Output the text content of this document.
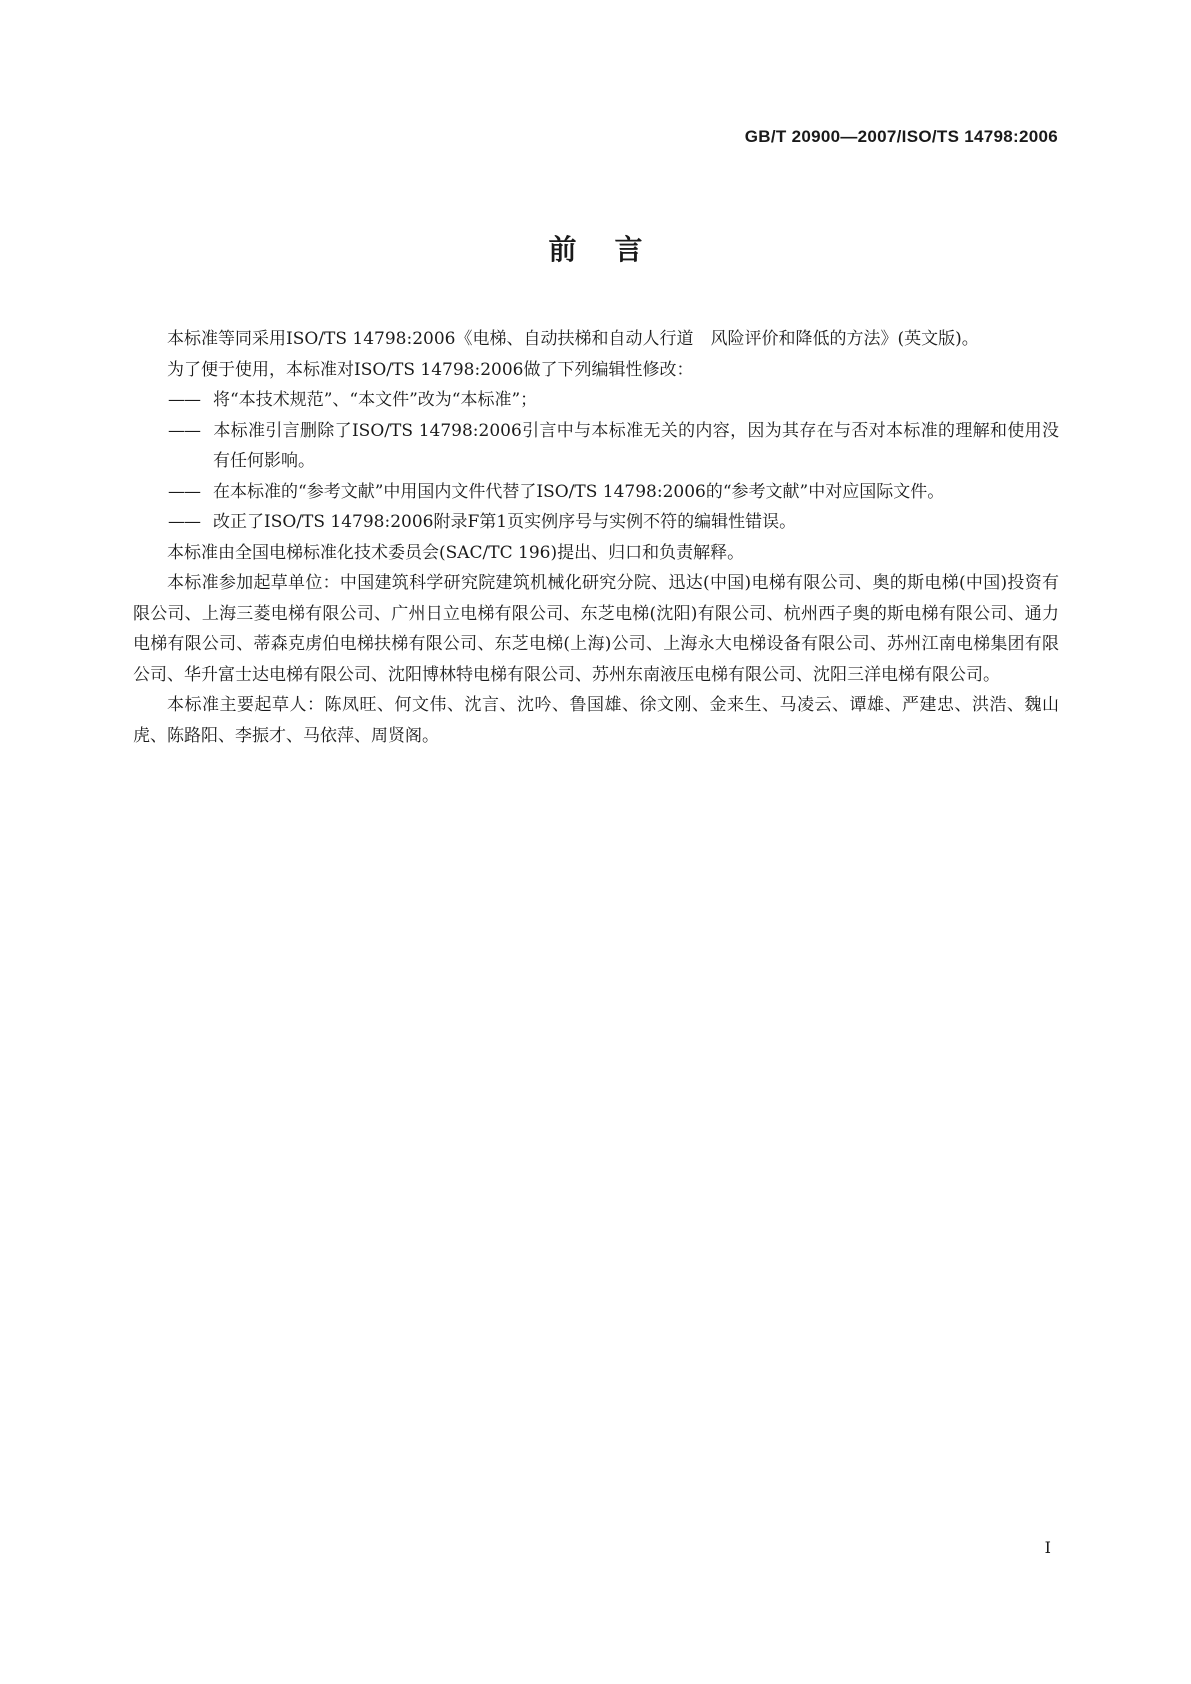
GB/T 20900—2007/ISO/TS 14798:2006
前言

本标准等同采用ISO/TS 14798:2006《电梯、自动扶梯和自动人行道　风险评价和降低的方法》(英文版)。

为了便于使用，本标准对ISO/TS 14798:2006做了下列编辑性修改：

—— 将“本技术规范”、“本文件”改为“本标准”；

—— 本标准引言删除了ISO/TS 14798:2006引言中与本标准无关的内容，因为其存在与否对本标准的理解和使用没有任何影响。

—— 在本标准的“参考文献”中用国内文件代替了ISO/TS 14798:2006的“参考文献”中对应国际文件。

—— 改正了ISO/TS 14798:2006附录F第1页实例序号与实例不符的编辑性错误。

本标准由全国电梯标准化技术委员会(SAC/TC 196)提出、归口和负责解释。

本标准参加起草单位：中国建筑科学研究院建筑机械化研究分院、迅达(中国)电梯有限公司、奥的斯电梯(中国)投资有限公司、上海三菱电梯有限公司、广州日立电梯有限公司、东芝电梯(沈阳)有限公司、杭州西子奥的斯电梯有限公司、通力电梯有限公司、蒂森克虏伯电梯扶梯有限公司、东芝电梯(上海)公司、上海永大电梯设备有限公司、苏州江南电梯集团有限公司、华升富士达电梯有限公司、沈阳博林特电梯有限公司、苏州东南液压电梯有限公司、沈阳三洋电梯有限公司。

本标准主要起草人：陈凤旺、何文伟、沈言、沈吟、鲁国雄、徐文刚、金来生、马凌云、谭雄、严建忠、洪浩、魏山虎、陈路阳、李振才、马依萍、周贤阁。

I
